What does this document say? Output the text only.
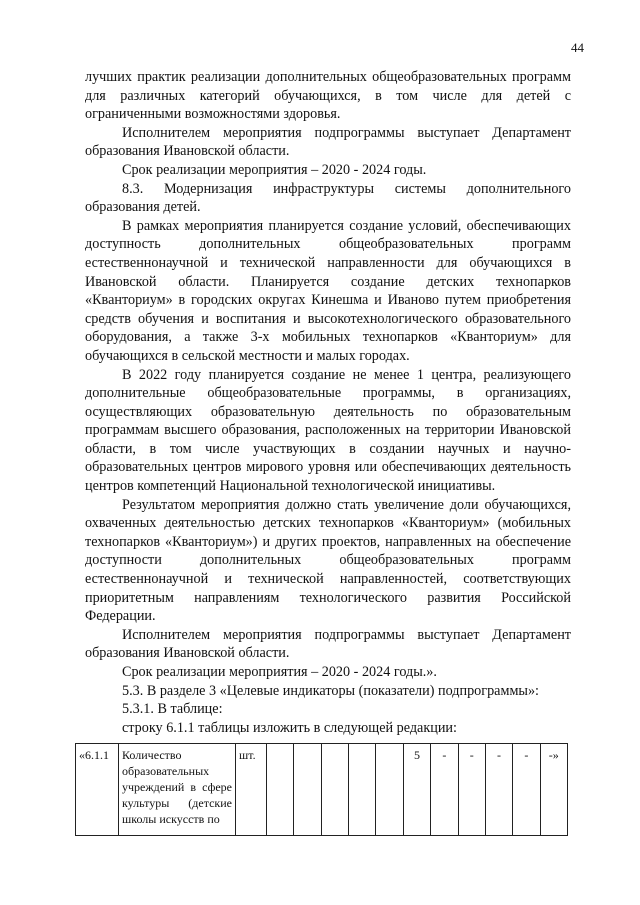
44

лучших практик реализации дополнительных общеобразовательных программ для различных категорий обучающихся, в том числе для детей с ограниченными возможностями здоровья.

Исполнителем мероприятия подпрограммы выступает Департамент образования Ивановской области.

Срок реализации мероприятия – 2020 - 2024 годы.

8.3. Модернизация инфраструктуры системы дополнительного образования детей.

В рамках мероприятия планируется создание условий, обеспечивающих доступность дополнительных общеобразовательных программ естественнонаучной и технической направленности для обучающихся в Ивановской области. Планируется создание детских технопарков «Кванториум» в городских округах Кинешма и Иваново путем приобретения средств обучения и воспитания и высокотехнологического образовательного оборудования, а также 3-х мобильных технопарков «Кванториум» для обучающихся в сельской местности и малых городах.

В 2022 году планируется создание не менее 1 центра, реализующего дополнительные общеобразовательные программы, в организациях, осуществляющих образовательную деятельность по образовательным программам высшего образования, расположенных на территории Ивановской области, в том числе участвующих в создании научных и научно-образовательных центров мирового уровня или обеспечивающих деятельность центров компетенций Национальной технологической инициативы.

Результатом мероприятия должно стать увеличение доли обучающихся, охваченных деятельностью детских технопарков «Кванториум» (мобильных технопарков «Кванториум») и других проектов, направленных на обеспечение доступности дополнительных общеобразовательных программ естественнонаучной и технической направленностей, соответствующих приоритетным направлениям технологического развития Российской Федерации.

Исполнителем мероприятия подпрограммы выступает Департамент образования Ивановской области.

Срок реализации мероприятия – 2020 - 2024 годы.».

5.3. В разделе 3 «Целевые индикаторы (показатели) подпрограммы»:

5.3.1. В таблице:

строку 6.1.1 таблицы изложить в следующей редакции:

«6.1.1	Количество образовательных учреждений в сфере культуры (детские школы искусств по	шт.						5	-	-	-	-	-»
